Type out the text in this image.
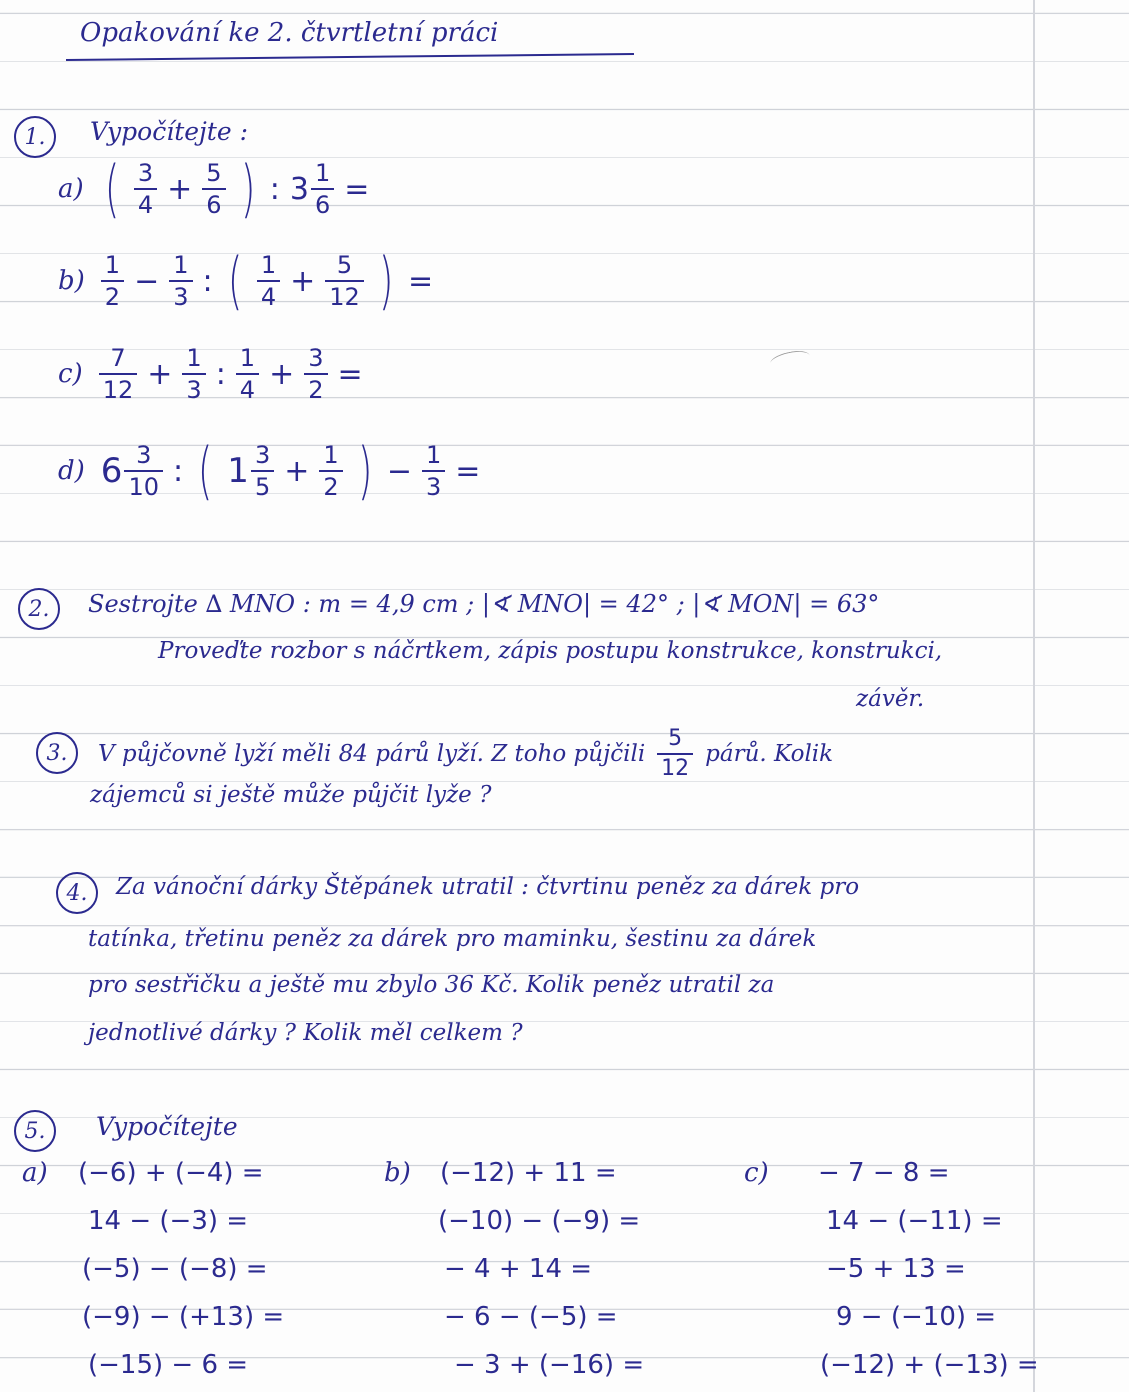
Opakování ke 2. čtvrtletní práci
1.	Vypočítejte :
a) ( $\frac{3}{4} + \frac{5}{6}$ ) : $3 \frac{1}{6}$ =
$b) \frac{1}{2} - \frac{1}{3}$ : ( $\frac{1}{4} + \frac{5}{12}$ ) =
$c) \frac{7}{12} + \frac{1}{3}$ : $\frac{1}{4} + \frac{3}{2}$ =
d) $6 \frac{3}{10}$ : ( $1 \frac{3}{5} + \frac{1}{2}$ ) − $\frac{1}{3}$ =
2.	Sestrojte ∆ MNO : m = 4,9 cm ; |∢ MNO| = 42° ; |∢ MON| = 63°
Proveďte rozbor s náčrtkem, zápis postupu konstrukce, konstrukci,
závěr.
3.	V půjčovně lyží měli 84 párů lyží. Z toho půjčili $\frac{5}{12}$ párů. Kolik
zájemců si ještě může půjčit lyže ?
4.	Za vánoční dárky Štěpánek utratil : čtvrtinu peněz za dárek pro
tatínka, třetinu peněz za dárek pro maminku, šestinu za dárek
pro sestřičku a ještě mu zbylo 36 Kč. Kolik peněz utratil za
jednotlivé dárky ? Kolik měl celkem ?
5.	Vypočítejte
a) (−6) + (−4) =
14 − (−3) =
(−5) − (−8) =
(−9) − (+13) =
(−15) − 6 =
b) (−12) + 11 =
(−10) − (−9) =
− 4 + 14 =
− 6 − (−5) =
− 3 + (−16) =
c) − 7 − 8 =
14 − (−11) =
−5 + 13 =
9 − (−10) =
(−12) + (−13) =
